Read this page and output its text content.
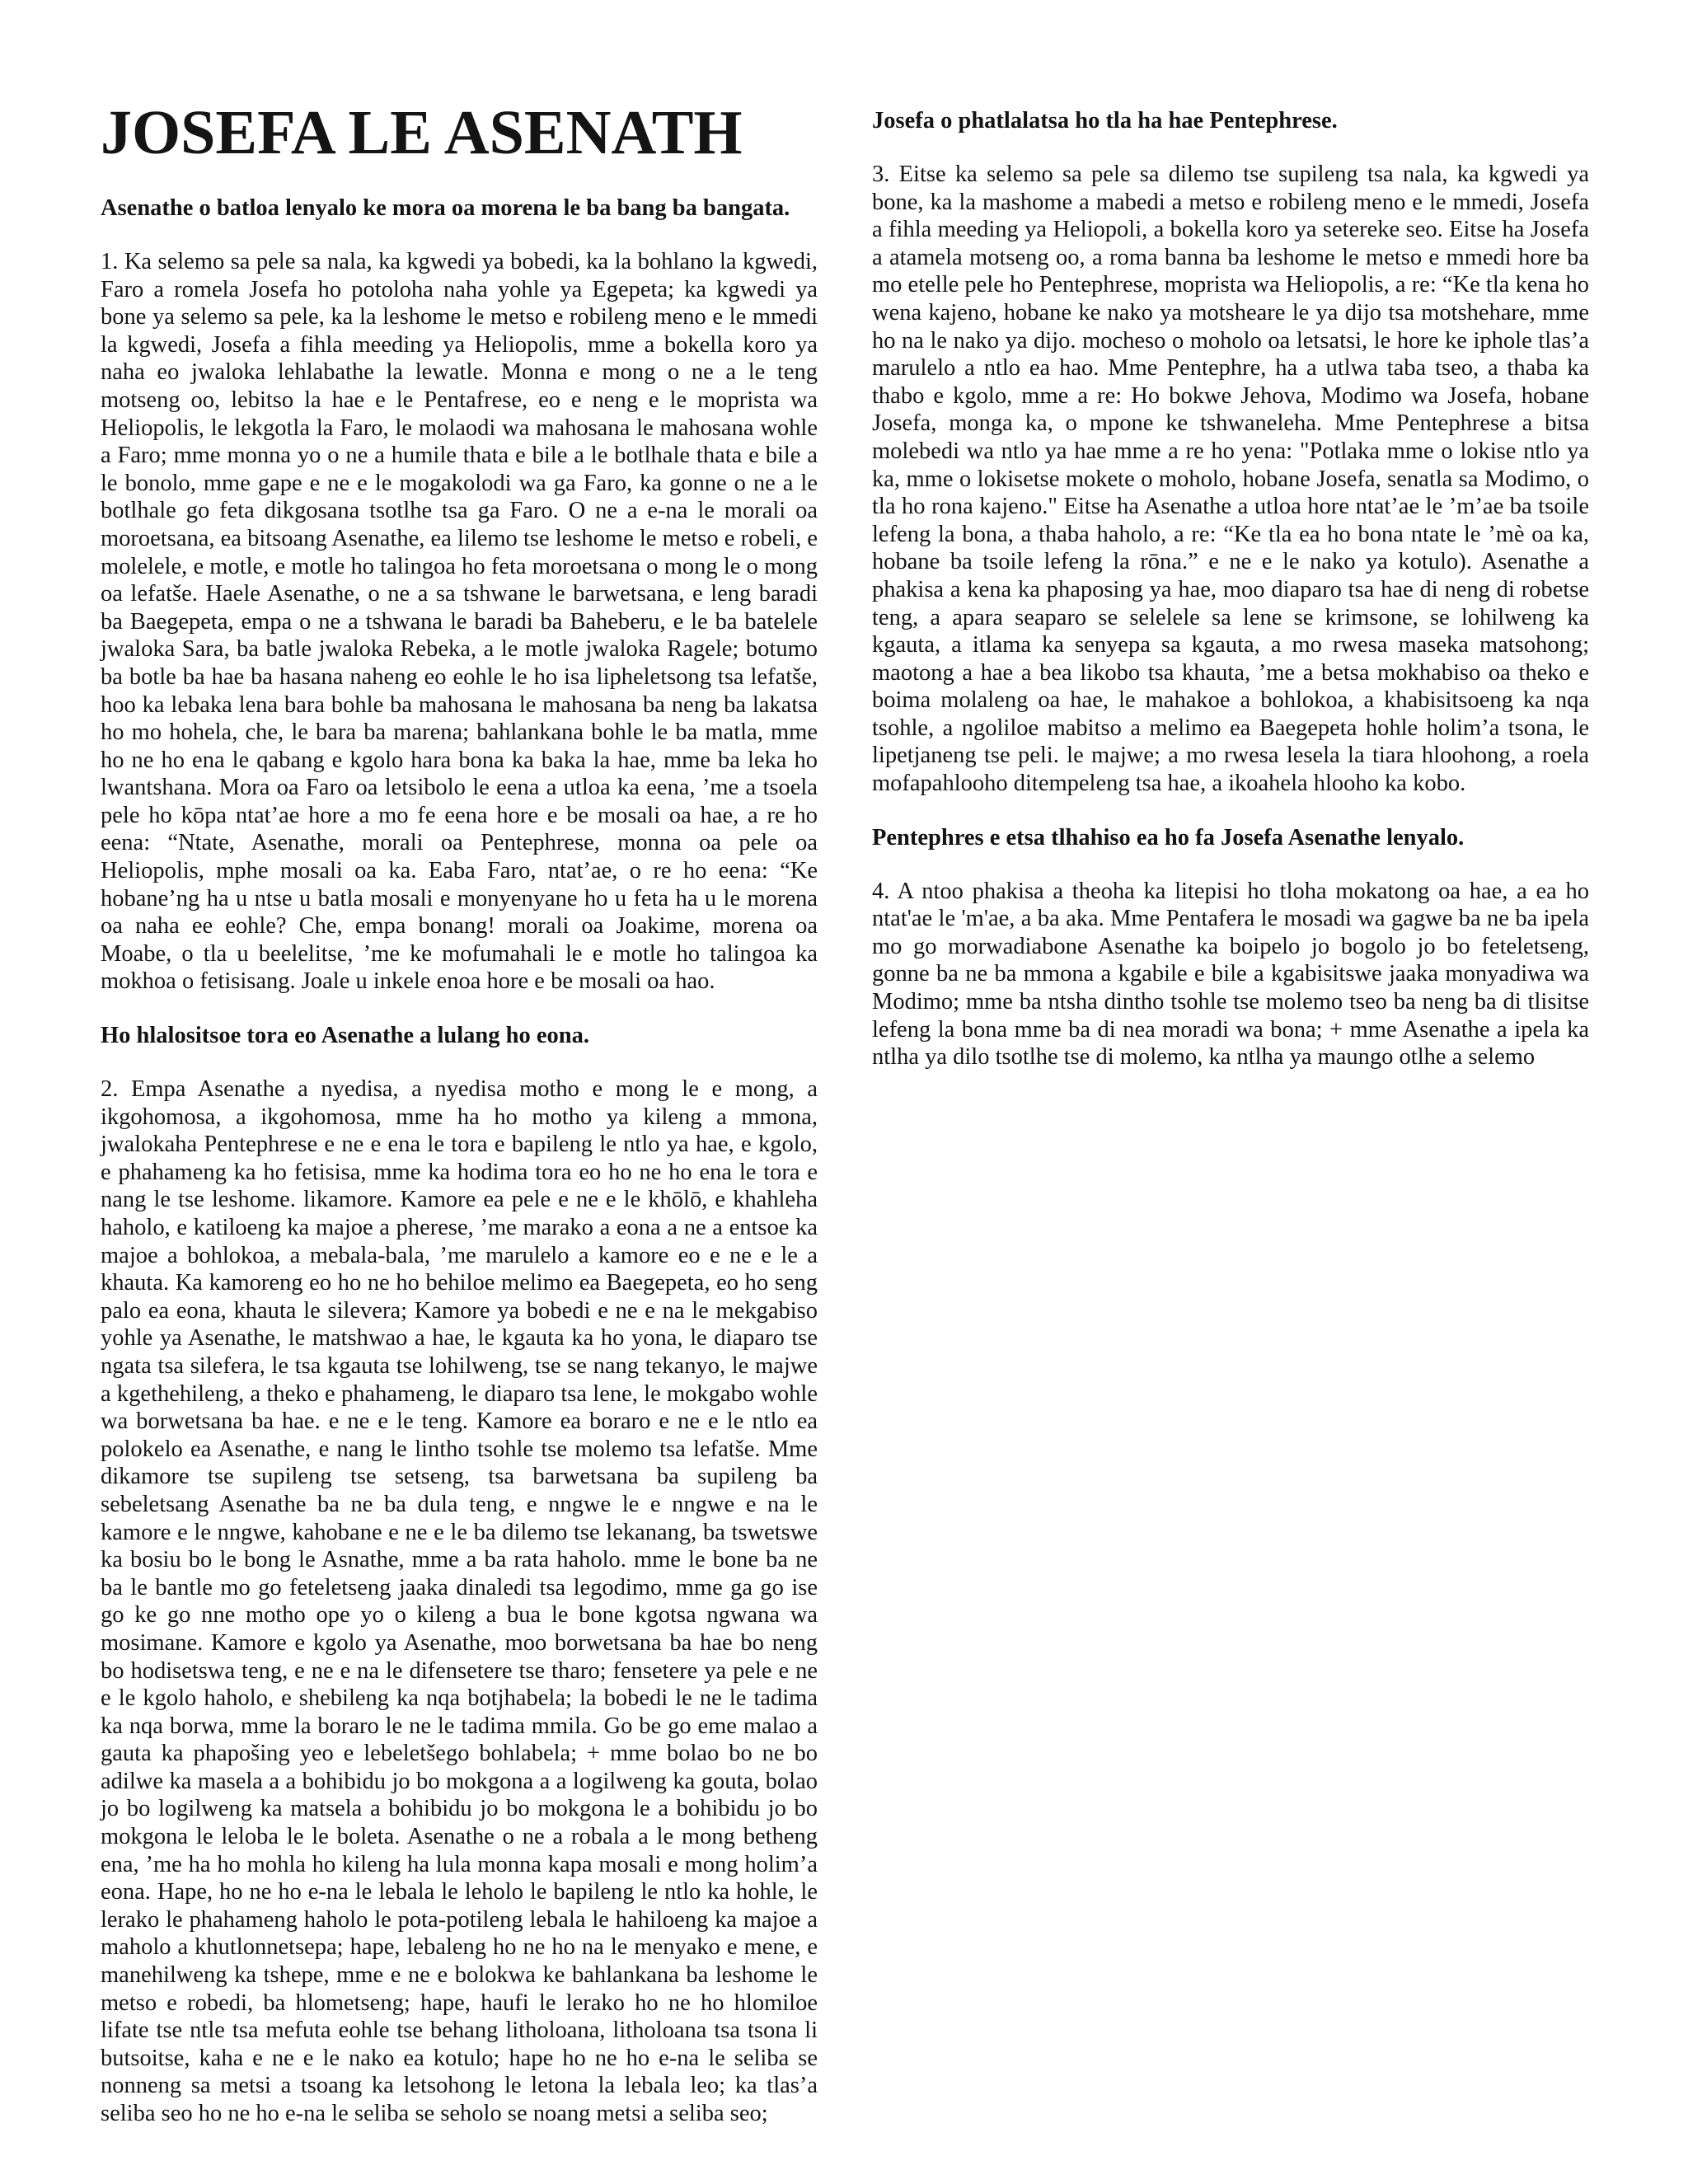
JOSEFA LE ASENATH
Asenathe o batloa lenyalo ke mora oa morena le ba bang ba bangata.

1. Ka selemo sa pele sa nala, ka kgwedi ya bobedi, ka la bohlano la kgwedi, Faro a romela Josefa ho potoloha naha yohle ya Egepeta; ka kgwedi ya bone ya selemo sa pele, ka la leshome le metso e robileng meno e le mmedi la kgwedi, Josefa a fihla meeding ya Heliopolis, mme a bokella koro ya naha eo jwaloka lehlabathe la lewatle. Monna e mong o ne a le teng motseng oo, lebitso la hae e le Pentafrese, eo e neng e le moprista wa Heliopolis, le lekgotla la Faro, le molaodi wa mahosana le mahosana wohle a Faro; mme monna yo o ne a humile thata e bile a le botlhale thata e bile a le bonolo, mme gape e ne e le mogakolodi wa ga Faro, ka gonne o ne a le botlhale go feta dikgosana tsotlhe tsa ga Faro. O ne a e-na le morali oa moroetsana, ea bitsoang Asenathe, ea lilemo tse leshome le metso e robeli, e molelele, e motle, e motle ho talingoa ho feta moroetsana o mong le o mong oa lefatše. Haele Asenathe, o ne a sa tshwane le barwetsana, e leng baradi ba Baegepeta, empa o ne a tshwana le baradi ba Baheberu, e le ba batelele jwaloka Sara, ba batle jwaloka Rebeka, a le motle jwaloka Ragele; botumo ba botle ba hae ba hasana naheng eo eohle le ho isa lipheletsong tsa lefatše, hoo ka lebaka lena bara bohle ba mahosana le mahosana ba neng ba lakatsa ho mo hohela, che, le bara ba marena; bahlankana bohle le ba matla, mme ho ne ho ena le qabang e kgolo hara bona ka baka la hae, mme ba leka ho lwantshana. Mora oa Faro oa letsibolo le eena a utloa ka eena, ’me a tsoela pele ho kōpa ntat’ae hore a mo fe eena hore e be mosali oa hae, a re ho eena: “Ntate, Asenathe, morali oa Pentephrese, monna oa pele oa Heliopolis, mphe mosali oa ka. Eaba Faro, ntat’ae, o re ho eena: “Ke hobane’ng ha u ntse u batla mosali e monyenyane ho u feta ha u le morena oa naha ee eohle? Che, empa bonang! morali oa Joakime, morena oa Moabe, o tla u beelelitse, ’me ke mofumahali le e motle ho talingoa ka mokhoa o fetisisang. Joale u inkele enoa hore e be mosali oa hao.

Ho hlalositsoe tora eo Asenathe a lulang ho eona.

2. Empa Asenathe a nyedisa, a nyedisa motho e mong le e mong, a ikgohomosa, a ikgohomosa, mme ha ho motho ya kileng a mmona, jwalokaha Pentephrese e ne e ena le tora e bapileng le ntlo ya hae, e kgolo, e phahameng ka ho fetisisa, mme ka hodima tora eo ho ne ho ena le tora e nang le tse leshome. likamore. Kamore ea pele e ne e le khōlō, e khahleha haholo, e katiloeng ka majoe a pherese, ’me marako a eona a ne a entsoe ka majoe a bohlokoa, a mebala-bala, ’me marulelo a kamore eo e ne e le a khauta. Ka kamoreng eo ho ne ho behiloe melimo ea Baegepeta, eo ho seng palo ea eona, khauta le silevera; Kamore ya bobedi e ne e na le mekgabiso yohle ya Asenathe, le matshwao a hae, le kgauta ka ho yona, le diaparo tse ngata tsa silefera, le tsa kgauta tse lohilweng, tse se nang tekanyo, le majwe a kgethehileng, a theko e phahameng, le diaparo tsa lene, le mokgabo wohle wa borwetsana ba hae. e ne e le teng. Kamore ea boraro e ne e le ntlo ea polokelo ea Asenathe, e nang le lintho tsohle tse molemo tsa lefatše. Mme dikamore tse supileng tse setseng, tsa barwetsana ba supileng ba sebeletsang Asenathe ba ne ba dula teng, e nngwe le e nngwe e na le kamore e le nngwe, kahobane e ne e le ba dilemo tse lekanang, ba tswetswe ka bosiu bo le bong le Asnathe, mme a ba rata haholo. mme le bone ba ne ba le bantle mo go feteletseng jaaka dinaledi tsa legodimo, mme ga go ise go ke go nne motho ope yo o kileng a bua le bone kgotsa ngwana wa mosimane. Kamore e kgolo ya Asenathe, moo borwetsana ba hae bo neng bo hodisetswa teng, e ne e na le difensetere tse tharo; fensetere ya pele e ne e le kgolo haholo, e shebileng ka nqa botjhabela; la bobedi le ne le tadima ka nqa borwa, mme la boraro le ne le tadima mmila. Go be go eme malao a gauta ka phapošing yeo e lebeletšego bohlabela; + mme bolao bo ne bo adilwe ka masela a a bohibidu jo bo mokgona a a logilweng ka gouta, bolao jo bo logilweng ka matsela a bohibidu jo bo mokgona le a bohibidu jo bo mokgona le leloba le le boleta. Asenathe o ne a robala a le mong betheng ena, ’me ha ho mohla ho kileng ha lula monna kapa mosali e mong holim’a eona. Hape, ho ne ho e-na le lebala le leholo le bapileng le ntlo ka hohle, le lerako le phahameng haholo le pota-potileng lebala le hahiloeng ka majoe a maholo a khutlonnetsepa; hape, lebaleng ho ne ho na le menyako e mene, e manehilweng ka tshepe, mme e ne e bolokwa ke bahlankana ba leshome le metso e robedi, ba hlometseng; hape, haufi le lerako ho ne ho hlomiloe lifate tse ntle tsa mefuta eohle tse behang litholoana, litholoana tsa tsona li butsoitse, kaha e ne e le nako ea kotulo; hape ho ne ho e-na le seliba se nonneng sa metsi a tsoang ka letsohong le letona la lebala leo; ka tlas’a seliba seo ho ne ho e-na le seliba se seholo se noang metsi a seliba seo;

Josefa o phatlalatsa ho tla ha hae Pentephrese.

3. Eitse ka selemo sa pele sa dilemo tse supileng tsa nala, ka kgwedi ya bone, ka la mashome a mabedi a metso e robileng meno e le mmedi, Josefa a fihla meeding ya Heliopoli, a bokella koro ya setereke seo. Eitse ha Josefa a atamela motseng oo, a roma banna ba leshome le metso e mmedi hore ba mo etelle pele ho Pentephrese, moprista wa Heliopolis, a re: “Ke tla kena ho wena kajeno, hobane ke nako ya motsheare le ya dijo tsa motshehare, mme ho na le nako ya dijo. mocheso o moholo oa letsatsi, le hore ke iphole tlas’a marulelo a ntlo ea hao. Mme Pentephre, ha a utlwa taba tseo, a thaba ka thabo e kgolo, mme a re: Ho bokwe Jehova, Modimo wa Josefa, hobane Josefa, monga ka, o mpone ke tshwaneleha. Mme Pentephrese a bitsa molebedi wa ntlo ya hae mme a re ho yena: "Potlaka mme o lokise ntlo ya ka, mme o lokisetse mokete o moholo, hobane Josefa, senatla sa Modimo, o tla ho rona kajeno." Eitse ha Asenathe a utloa hore ntat’ae le ’m’ae ba tsoile lefeng la bona, a thaba haholo, a re: “Ke tla ea ho bona ntate le ’mè oa ka, hobane ba tsoile lefeng la rōna.” e ne e le nako ya kotulo). Asenathe a phakisa a kena ka phaposing ya hae, moo diaparo tsa hae di neng di robetse teng, a apara seaparo se selelele sa lene se krimsone, se lohilweng ka kgauta, a itlama ka senyepa sa kgauta, a mo rwesa maseka matsohong; maotong a hae a bea likobo tsa khauta, ’me a betsa mokhabiso oa theko e boima molaleng oa hae, le mahakoe a bohlokoa, a khabisitsoeng ka nqa tsohle, a ngoliloe mabitso a melimo ea Baegepeta hohle holim’a tsona, le lipetjaneng tse peli. le majwe; a mo rwesa lesela la tiara hloohong, a roela mofapahlooho ditempeleng tsa hae, a ikoahela hlooho ka kobo.

Pentephres e etsa tlhahiso ea ho fa Josefa Asenathe lenyalo.

4. A ntoo phakisa a theoha ka litepisi ho tloha mokatong oa hae, a ea ho ntat'ae le 'm'ae, a ba aka. Mme Pentafera le mosadi wa gagwe ba ne ba ipela mo go morwadiabone Asenathe ka boipelo jo bogolo jo bo feteletseng, gonne ba ne ba mmona a kgabile e bile a kgabisitswe jaaka monyadiwa wa Modimo; mme ba ntsha dintho tsohle tse molemo tseo ba neng ba di tlisitse lefeng la bona mme ba di nea moradi wa bona; + mme Asenathe a ipela ka ntlha ya dilo tsotlhe tse di molemo, ka ntlha ya maungo otlhe a selemo
